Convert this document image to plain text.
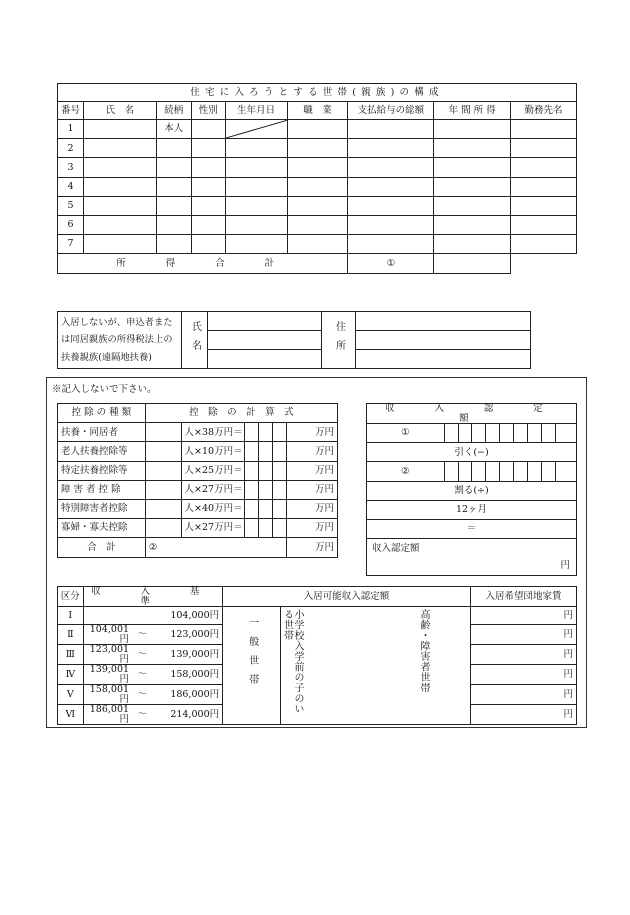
住宅に入ろうとする世帯(親族)の構成								
番号	氏　名	続柄	性別	生年月日	職　業	支払給与の総額	年 間 所 得	勤務先名
1		本人		

2								
3								
4								
5								
6								
7								
所　得　合　計						①		
入居しないが、申込者または同居親族の所得税法上の扶養親族(遠隔地扶養)	氏名		住所	

※記入しないで下さい。
控 除 の 種 類	控　除　の　計　算　式					
扶養・同居者		人×38万円＝				万円
老人扶養控除等		人×10万円＝				万円
特定扶養控除等		人×25万円＝				万円
障 害 者 控 除		人×27万円＝				万円
特別障害者控除		人×40万円＝				万円
寡婦・寡夫控除		人×27万円＝				万円
合　計	②					万円
収　入　認　定　額									
①									
引く(−)									
②									
割る(÷)									
12ヶ月									
＝									

収入認定額
円									
区分	収　入　基　準			入居可能収入認定額			入居希望団地家賃
Ⅰ			104,000円	一般世帯	小学校入学前の子のいる世帯	高齢・障害者世帯	円
Ⅱ	104,001円	～	123,000円				円
Ⅲ	123,001円	～	139,000円				円
Ⅳ	139,001円	～	158,000円				円
Ⅴ	158,001円	～	186,000円				円
Ⅵ	186,001円	～	214,000円				円
